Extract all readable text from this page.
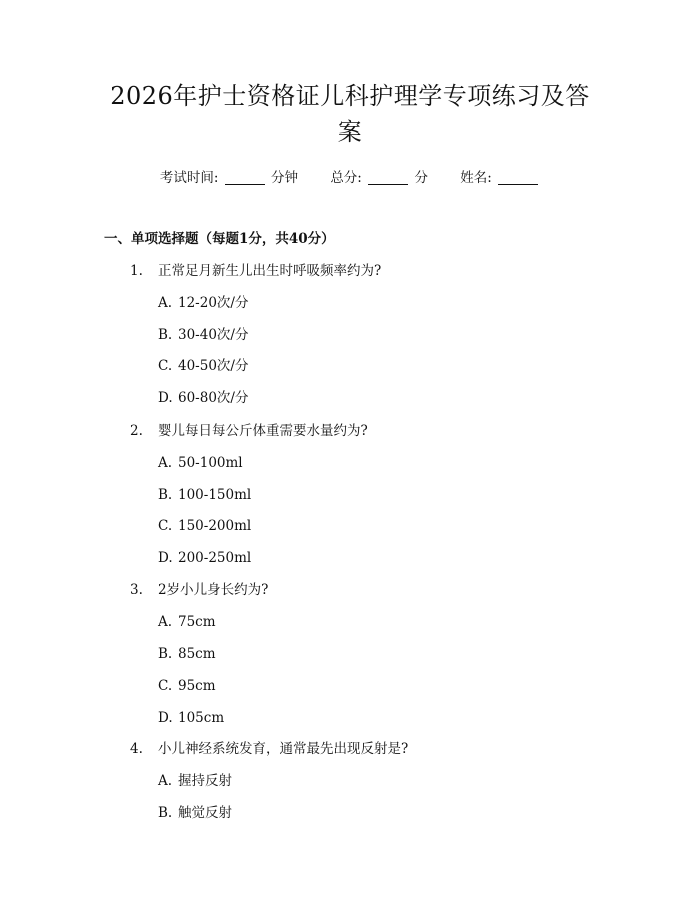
2026年护士资格证儿科护理学专项练习及答
案
考试时间:	分钟 总分:	分 姓名:
一、单项选择题（每题1分，共40分）
1. 正常足月新生儿出生时呼吸频率约为?
A. 12-20次/分
B. 30-40次/分
C. 40-50次/分
D. 60-80次/分
2. 婴儿每日每公斤体重需要水量约为?
A. 50-100ml
B. 100-150ml
C. 150-200ml
D. 200-250ml
3. 2岁小儿身长约为?
A. 75cm
B. 85cm
C. 95cm
D. 105cm
4. 小儿神经系统发育，通常最先出现反射是?
A. 握持反射
B. 触觉反射
